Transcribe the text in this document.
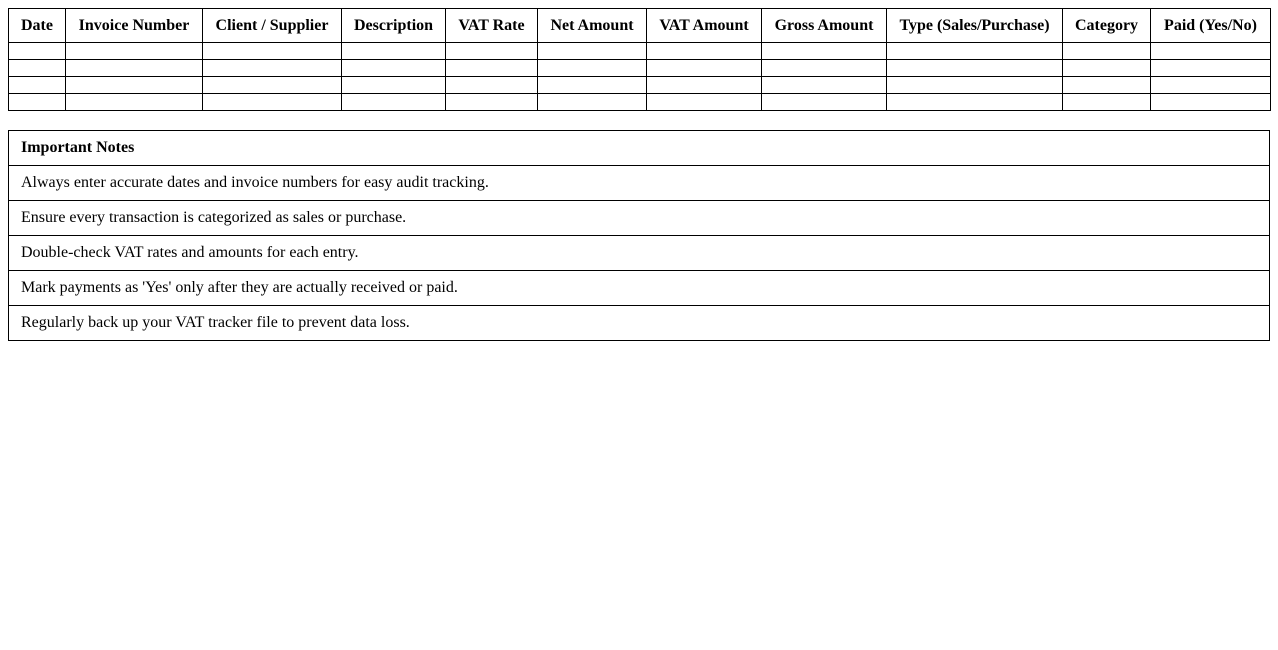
Date	Invoice Number	Client / Supplier	Description	VAT Rate	Net Amount	VAT Amount	Gross Amount	Type (Sales/Purchase)	Category	Paid (Yes/No)

Important Notes
Always enter accurate dates and invoice numbers for easy audit tracking.
Ensure every transaction is categorized as sales or purchase.
Double-check VAT rates and amounts for each entry.
Mark payments as 'Yes' only after they are actually received or paid.
Regularly back up your VAT tracker file to prevent data loss.
